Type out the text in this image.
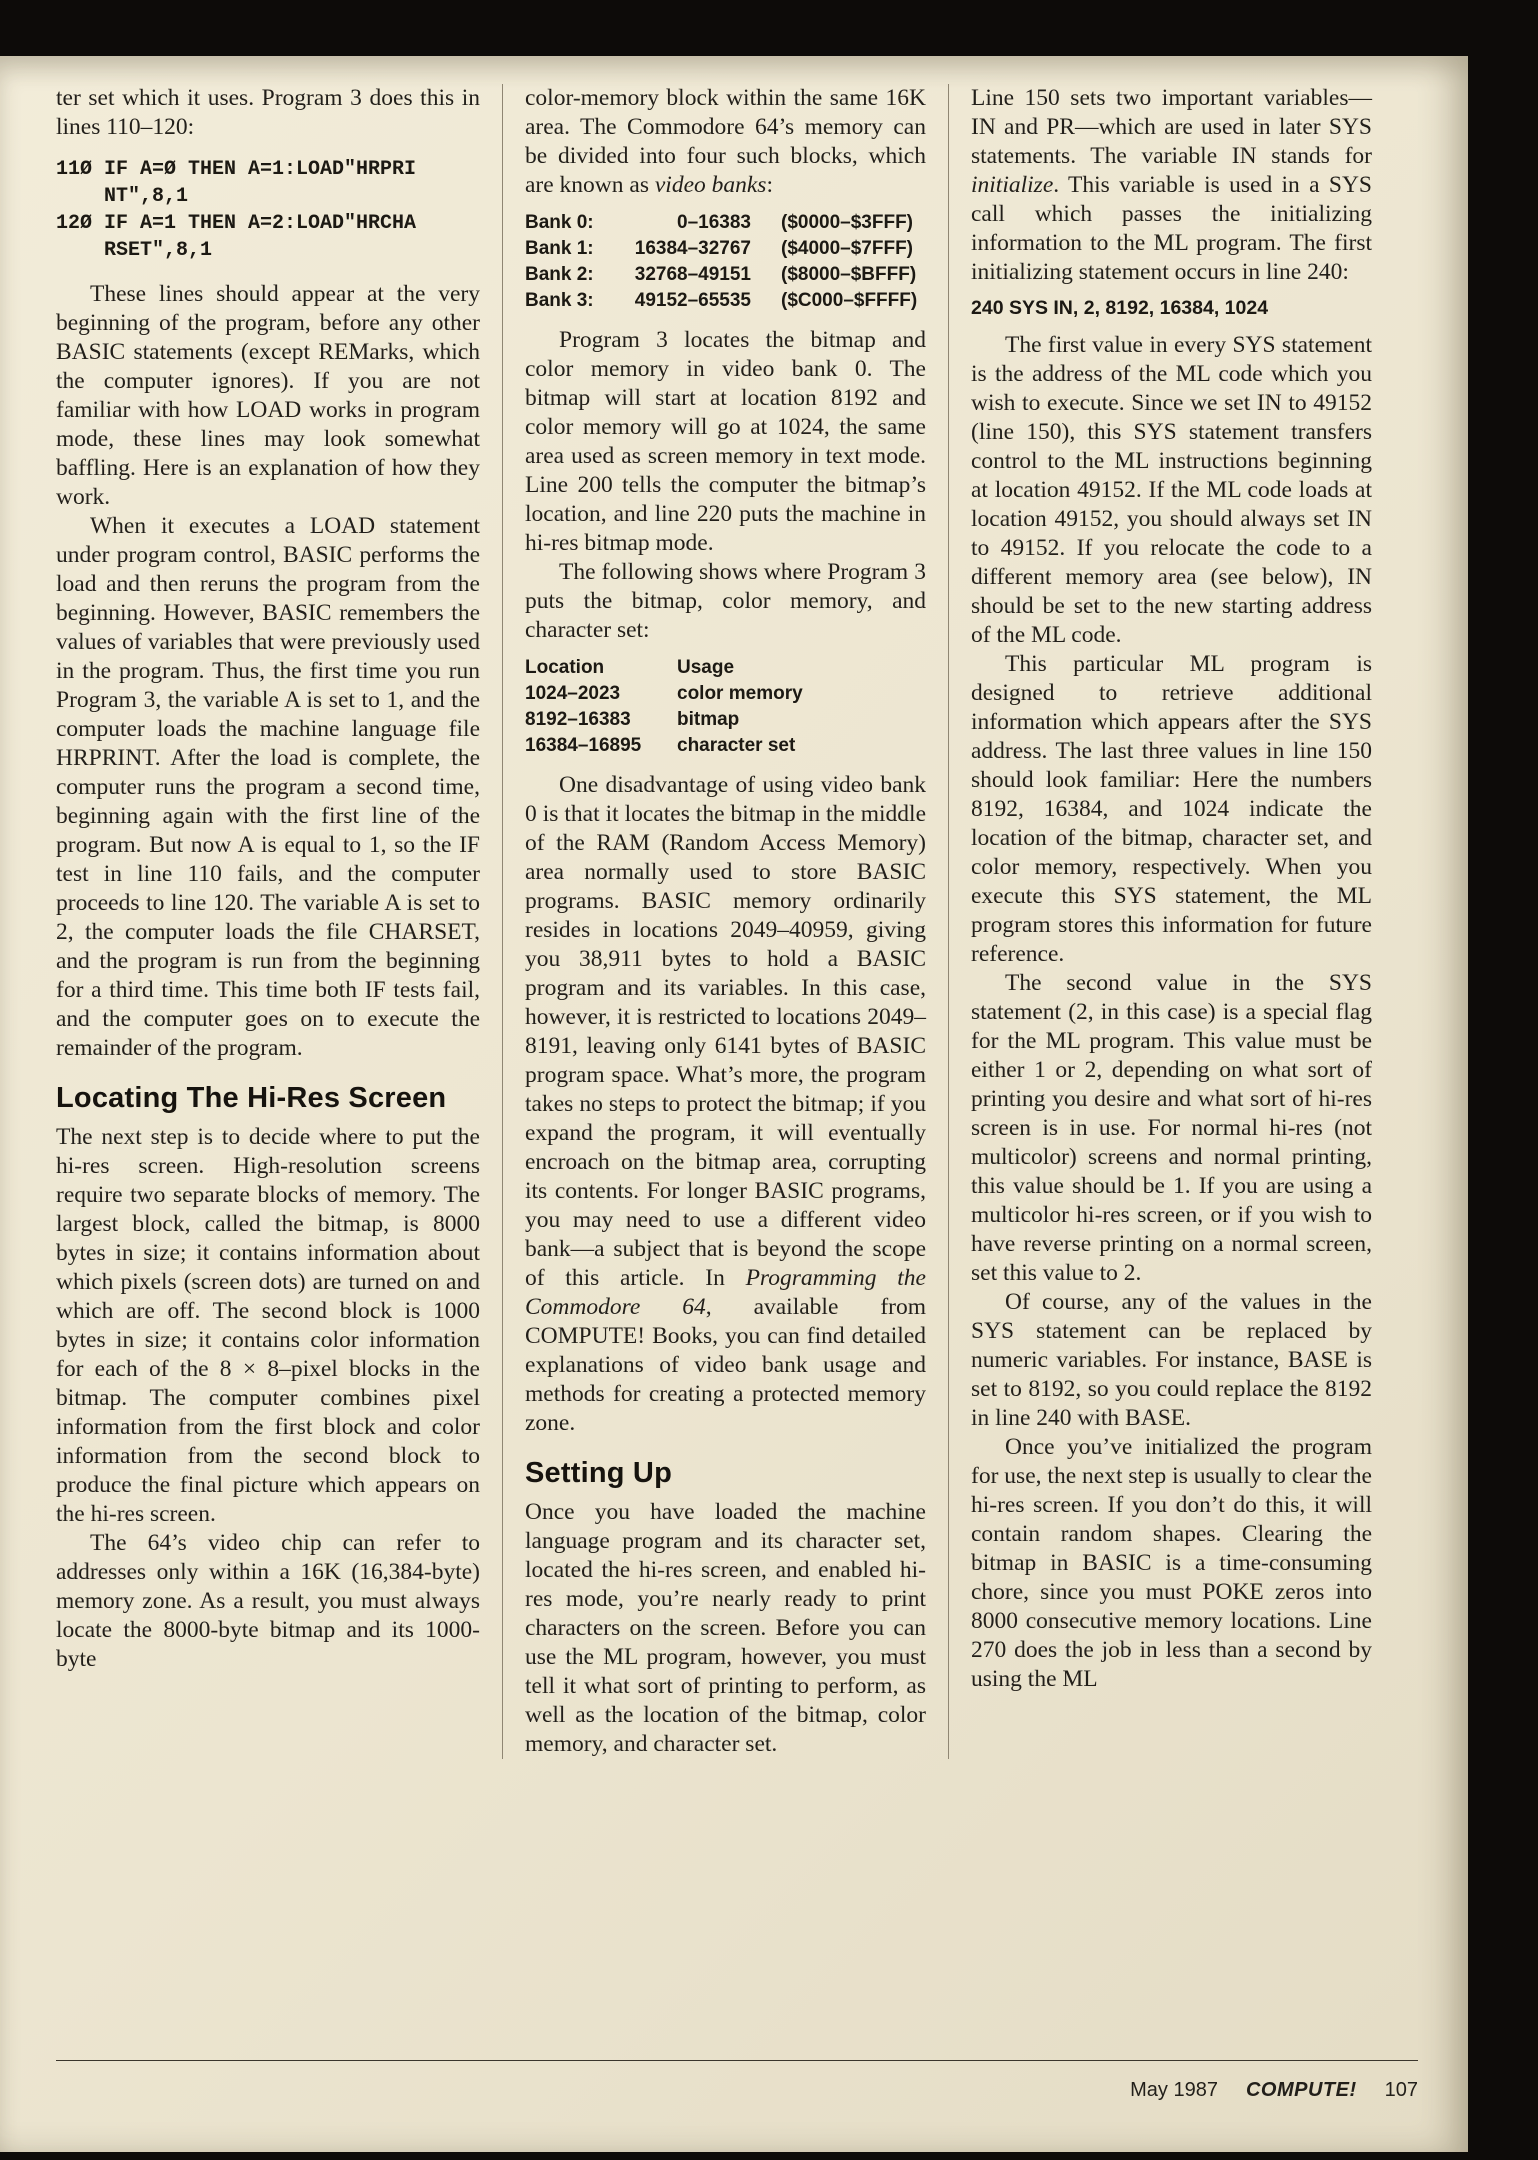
ter set which it uses. Program 3 does this in lines 110–120:

11Ø IF A=Ø THEN A=1:LOAD"HRPRI
NT",8,1
12Ø IF A=1 THEN A=2:LOAD"HRCHA
RSET",8,1

These lines should appear at the very beginning of the program, before any other BASIC statements (except REMarks, which the computer ignores). If you are not familiar with how LOAD works in program mode, these lines may look somewhat baffling. Here is an explanation of how they work.

When it executes a LOAD statement under program control, BASIC performs the load and then reruns the program from the beginning. However, BASIC remembers the values of variables that were previously used in the program. Thus, the first time you run Program 3, the variable A is set to 1, and the computer loads the machine language file HRPRINT. After the load is complete, the computer runs the program a second time, beginning again with the first line of the program. But now A is equal to 1, so the IF test in line 110 fails, and the computer proceeds to line 120. The variable A is set to 2, the computer loads the file CHARSET, and the program is run from the beginning for a third time. This time both IF tests fail, and the computer goes on to execute the remainder of the program.

Locating The Hi-Res Screen

The next step is to decide where to put the hi-res screen. High-resolution screens require two separate blocks of memory. The largest block, called the bitmap, is 8000 bytes in size; it contains information about which pixels (screen dots) are turned on and which are off. The second block is 1000 bytes in size; it contains color information for each of the 8 × 8–pixel blocks in the bitmap. The computer combines pixel information from the first block and color information from the second block to produce the final picture which appears on the hi-res screen.

The 64’s video chip can refer to addresses only within a 16K (16,384-byte) memory zone. As a result, you must always locate the 8000-byte bitmap and its 1000-byte

color-memory block within the same 16K area. The Commodore 64’s memory can be divided into four such blocks, which are known as video banks:

Bank 0:	0–16383 ($0000–$3FFF)
Bank 1:	16384–32767 ($4000–$7FFF)
Bank 2:	32768–49151 ($8000–$BFFF)
Bank 3:	49152–65535 ($C000–$FFFF)

Program 3 locates the bitmap and color memory in video bank 0. The bitmap will start at location 8192 and color memory will go at 1024, the same area used as screen memory in text mode. Line 200 tells the computer the bitmap’s location, and line 220 puts the machine in hi-res bitmap mode.

The following shows where Program 3 puts the bitmap, color memory, and character set:

Location	Usage
1024–2023	color memory
8192–16383	bitmap
16384–16895	character set

One disadvantage of using video bank 0 is that it locates the bitmap in the middle of the RAM (Random Access Memory) area normally used to store BASIC programs. BASIC memory ordinarily resides in locations 2049–40959, giving you 38,911 bytes to hold a BASIC program and its variables. In this case, however, it is restricted to locations 2049–8191, leaving only 6141 bytes of BASIC program space. What’s more, the program takes no steps to protect the bitmap; if you expand the program, it will eventually encroach on the bitmap area, corrupting its contents. For longer BASIC programs, you may need to use a different video bank—a subject that is beyond the scope of this article. In Programming the Commodore 64, available from COMPUTE! Books, you can find detailed explanations of video bank usage and methods for creating a protected memory zone.

Setting Up

Once you have loaded the machine language program and its character set, located the hi-res screen, and enabled hi-res mode, you’re nearly ready to print characters on the screen. Before you can use the ML program, however, you must tell it what sort of printing to perform, as well as the location of the bitmap, color memory, and character set.

Line 150 sets two important variables—IN and PR—which are used in later SYS statements. The variable IN stands for initialize. This variable is used in a SYS call which passes the initializing information to the ML program. The first initializing statement occurs in line 240:

240 SYS IN, 2, 8192, 16384, 1024

The first value in every SYS statement is the address of the ML code which you wish to execute. Since we set IN to 49152 (line 150), this SYS statement transfers control to the ML instructions beginning at location 49152. If the ML code loads at location 49152, you should always set IN to 49152. If you relocate the code to a different memory area (see below), IN should be set to the new starting address of the ML code.

This particular ML program is designed to retrieve additional information which appears after the SYS address. The last three values in line 150 should look familiar: Here the numbers 8192, 16384, and 1024 indicate the location of the bitmap, character set, and color memory, respectively. When you execute this SYS statement, the ML program stores this information for future reference.

The second value in the SYS statement (2, in this case) is a special flag for the ML program. This value must be either 1 or 2, depending on what sort of printing you desire and what sort of hi-res screen is in use. For normal hi-res (not multicolor) screens and normal printing, this value should be 1. If you are using a multicolor hi-res screen, or if you wish to have reverse printing on a normal screen, set this value to 2.

Of course, any of the values in the SYS statement can be replaced by numeric variables. For instance, BASE is set to 8192, so you could replace the 8192 in line 240 with BASE.

Once you’ve initialized the program for use, the next step is usually to clear the hi-res screen. If you don’t do this, it will contain random shapes. Clearing the bitmap in BASIC is a time-consuming chore, since you must POKE zeros into 8000 consecutive memory locations. Line 270 does the job in less than a second by using the ML

May 1987 COMPUTE! 107
